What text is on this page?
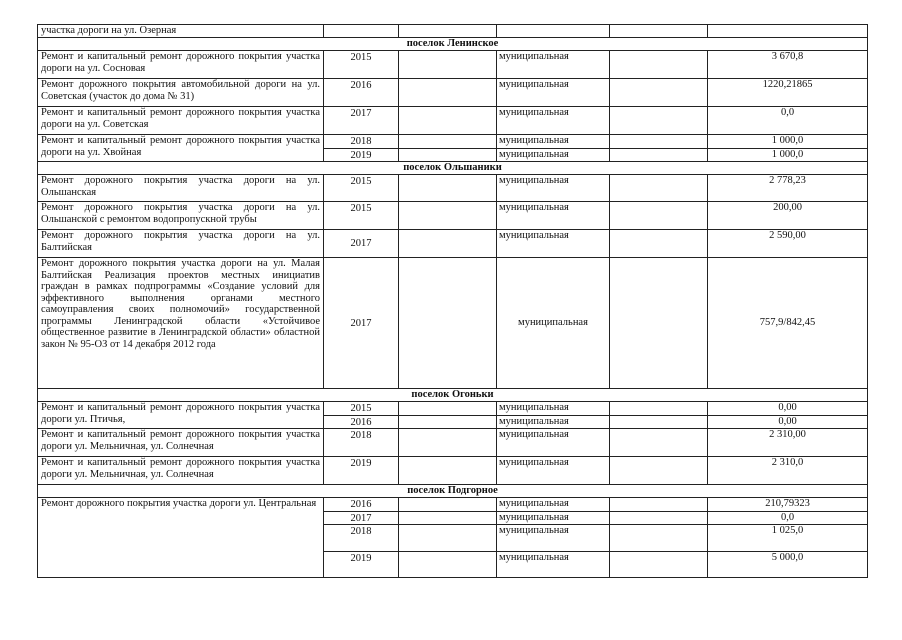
участка дороги на ул. Озерная					
поселок Ленинское					
Ремонт и капитальный ремонт дорожного покрытия участка дороги на ул. Сосновая	2015		муниципальная		3 670,8
Ремонт дорожного покрытия автомобильной дороги на ул. Советская (участок до дома № 31)	2016		муниципальная		1220,21865
Ремонт и капитальный ремонт дорожного покрытия участка дороги на ул. Советская	2017		муниципальная		0,0
Ремонт и капитальный ремонт дорожного покрытия участка дороги на ул. Хвойная	2018		муниципальная		1 000,0
	2019		муниципальная		1 000,0
поселок Ольшаники					
Ремонт дорожного покрытия участка дороги на ул. Ольшанская	2015		муниципальная		2 778,23
Ремонт дорожного покрытия участка дороги на ул. Ольшанской с ремонтом водопропускной трубы	2015		муниципальная		200,00
Ремонт дорожного покрытия участка дороги на ул. Балтийская	2017		муниципальная		2 590,00
Ремонт дорожного покрытия участка дороги на ул. Малая Балтийская Реализация проектов местных инициатив граждан в рамках подпрограммы «Создание условий для эффективного выполнения органами местного самоуправления своих полномочий» государственной программы Ленинградской области «Устойчивое общественное развитие в Ленинградской области» областной закон № 95-ОЗ от 14 декабря 2012 года	2017		муниципальная		757,9/842,45
поселок Огоньки					
Ремонт и капитальный ремонт дорожного покрытия участка дороги ул. Птичья,	2015		муниципальная		0,00
	2016		муниципальная		0,00
Ремонт и капитальный ремонт дорожного покрытия участка дороги ул. Мельничная, ул. Солнечная	2018		муниципальная		2 310,00
Ремонт и капитальный ремонт дорожного покрытия участка дороги ул. Мельничная, ул. Солнечная	2019		муниципальная		2 310,0
поселок Подгорное					
Ремонт дорожного покрытия участка дороги ул. Центральная	2016		муниципальная		210,79323
	2017		муниципальная		0,0
	2018		муниципальная		1 025,0
	2019		муниципальная		5 000,0
